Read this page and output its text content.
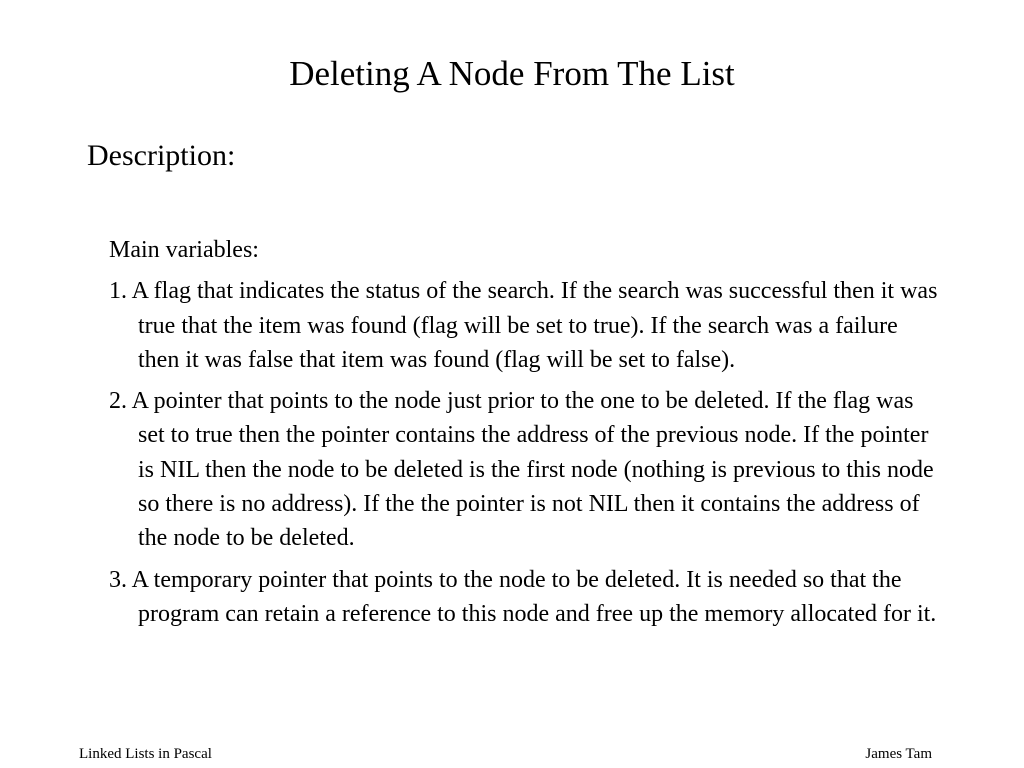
Deleting A Node From The List
Description:

Main variables:

1. A flag that indicates the status of the search. If the search was successful then it was true that the item was found (flag will be set to true). If the search was a failure then it was false that item was found (flag will be set to false).
2. A pointer that points to the node just prior to the one to be deleted. If the flag was set to true then the pointer contains the address of the previous node. If the pointer is NIL then the node to be deleted is the first node (nothing is previous to this node so there is no address). If the the pointer is not NIL then it contains the address of the node to be deleted.
3. A temporary pointer that points to the node to be deleted. It is needed so that the program can retain a reference to this node and free up the memory allocated for it.
Linked Lists in Pascal	James Tam
